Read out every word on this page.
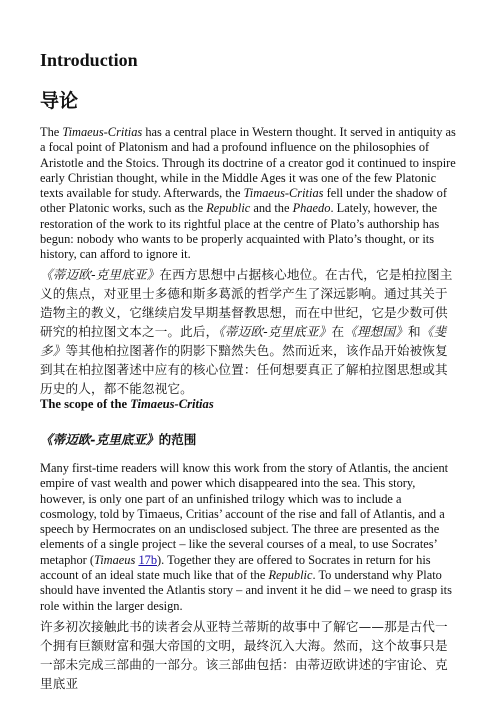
Introduction
导论

The Timaeus-Critias has a central place in Western thought. It served in antiquity as a focal point of Platonism and had a profound influence on the philosophies of Aristotle and the Stoics. Through its doctrine of a creator god it continued to inspire early Christian thought, while in the Middle Ages it was one of the few Platonic texts available for study. Afterwards, the Timaeus-Critias fell under the shadow of other Platonic works, such as the Republic and the Phaedo. Lately, however, the restoration of the work to its rightful place at the centre of Plato’s authorship has begun: nobody who wants to be properly acquainted with Plato’s thought, or its history, can afford to ignore it.

《蒂迈欧-克里底亚》在西方思想中占据核心地位。在古代，它是柏拉图主义的焦点，对亚里士多德和斯多葛派的哲学产生了深远影响。通过其关于造物主的教义，它继续启发早期基督教思想，而在中世纪，它是少数可供研究的柏拉图文本之一。此后，《蒂迈欧-克里底亚》在《理想国》和《斐多》等其他柏拉图著作的阴影下黯然失色。然而近来，该作品开始被恢复到其在柏拉图著述中应有的核心位置：任何想要真正了解柏拉图思想或其历史的人，都不能忽视它。

The scope of the Timaeus-Critias
《蒂迈欧-克里底亚》的范围

Many first-time readers will know this work from the story of Atlantis, the ancient empire of vast wealth and power which disappeared into the sea. This story, however, is only one part of an unfinished trilogy which was to include a cosmology, told by Timaeus, Critias’ account of the rise and fall of Atlantis, and a speech by Hermocrates on an undisclosed subject. The three are presented as the elements of a single project – like the several courses of a meal, to use Socrates’ metaphor (Timaeus 17b). Together they are offered to Socrates in return for his account of an ideal state much like that of the Republic. To understand why Plato should have invented the Atlantis story – and invent it he did – we need to grasp its role within the larger design.

许多初次接触此书的读者会从亚特兰蒂斯的故事中了解它——那是古代一个拥有巨额财富和强大帝国的文明，最终沉入大海。然而，这个故事只是一部未完成三部曲的一部分。该三部曲包括：由蒂迈欧讲述的宇宙论、克里底亚
